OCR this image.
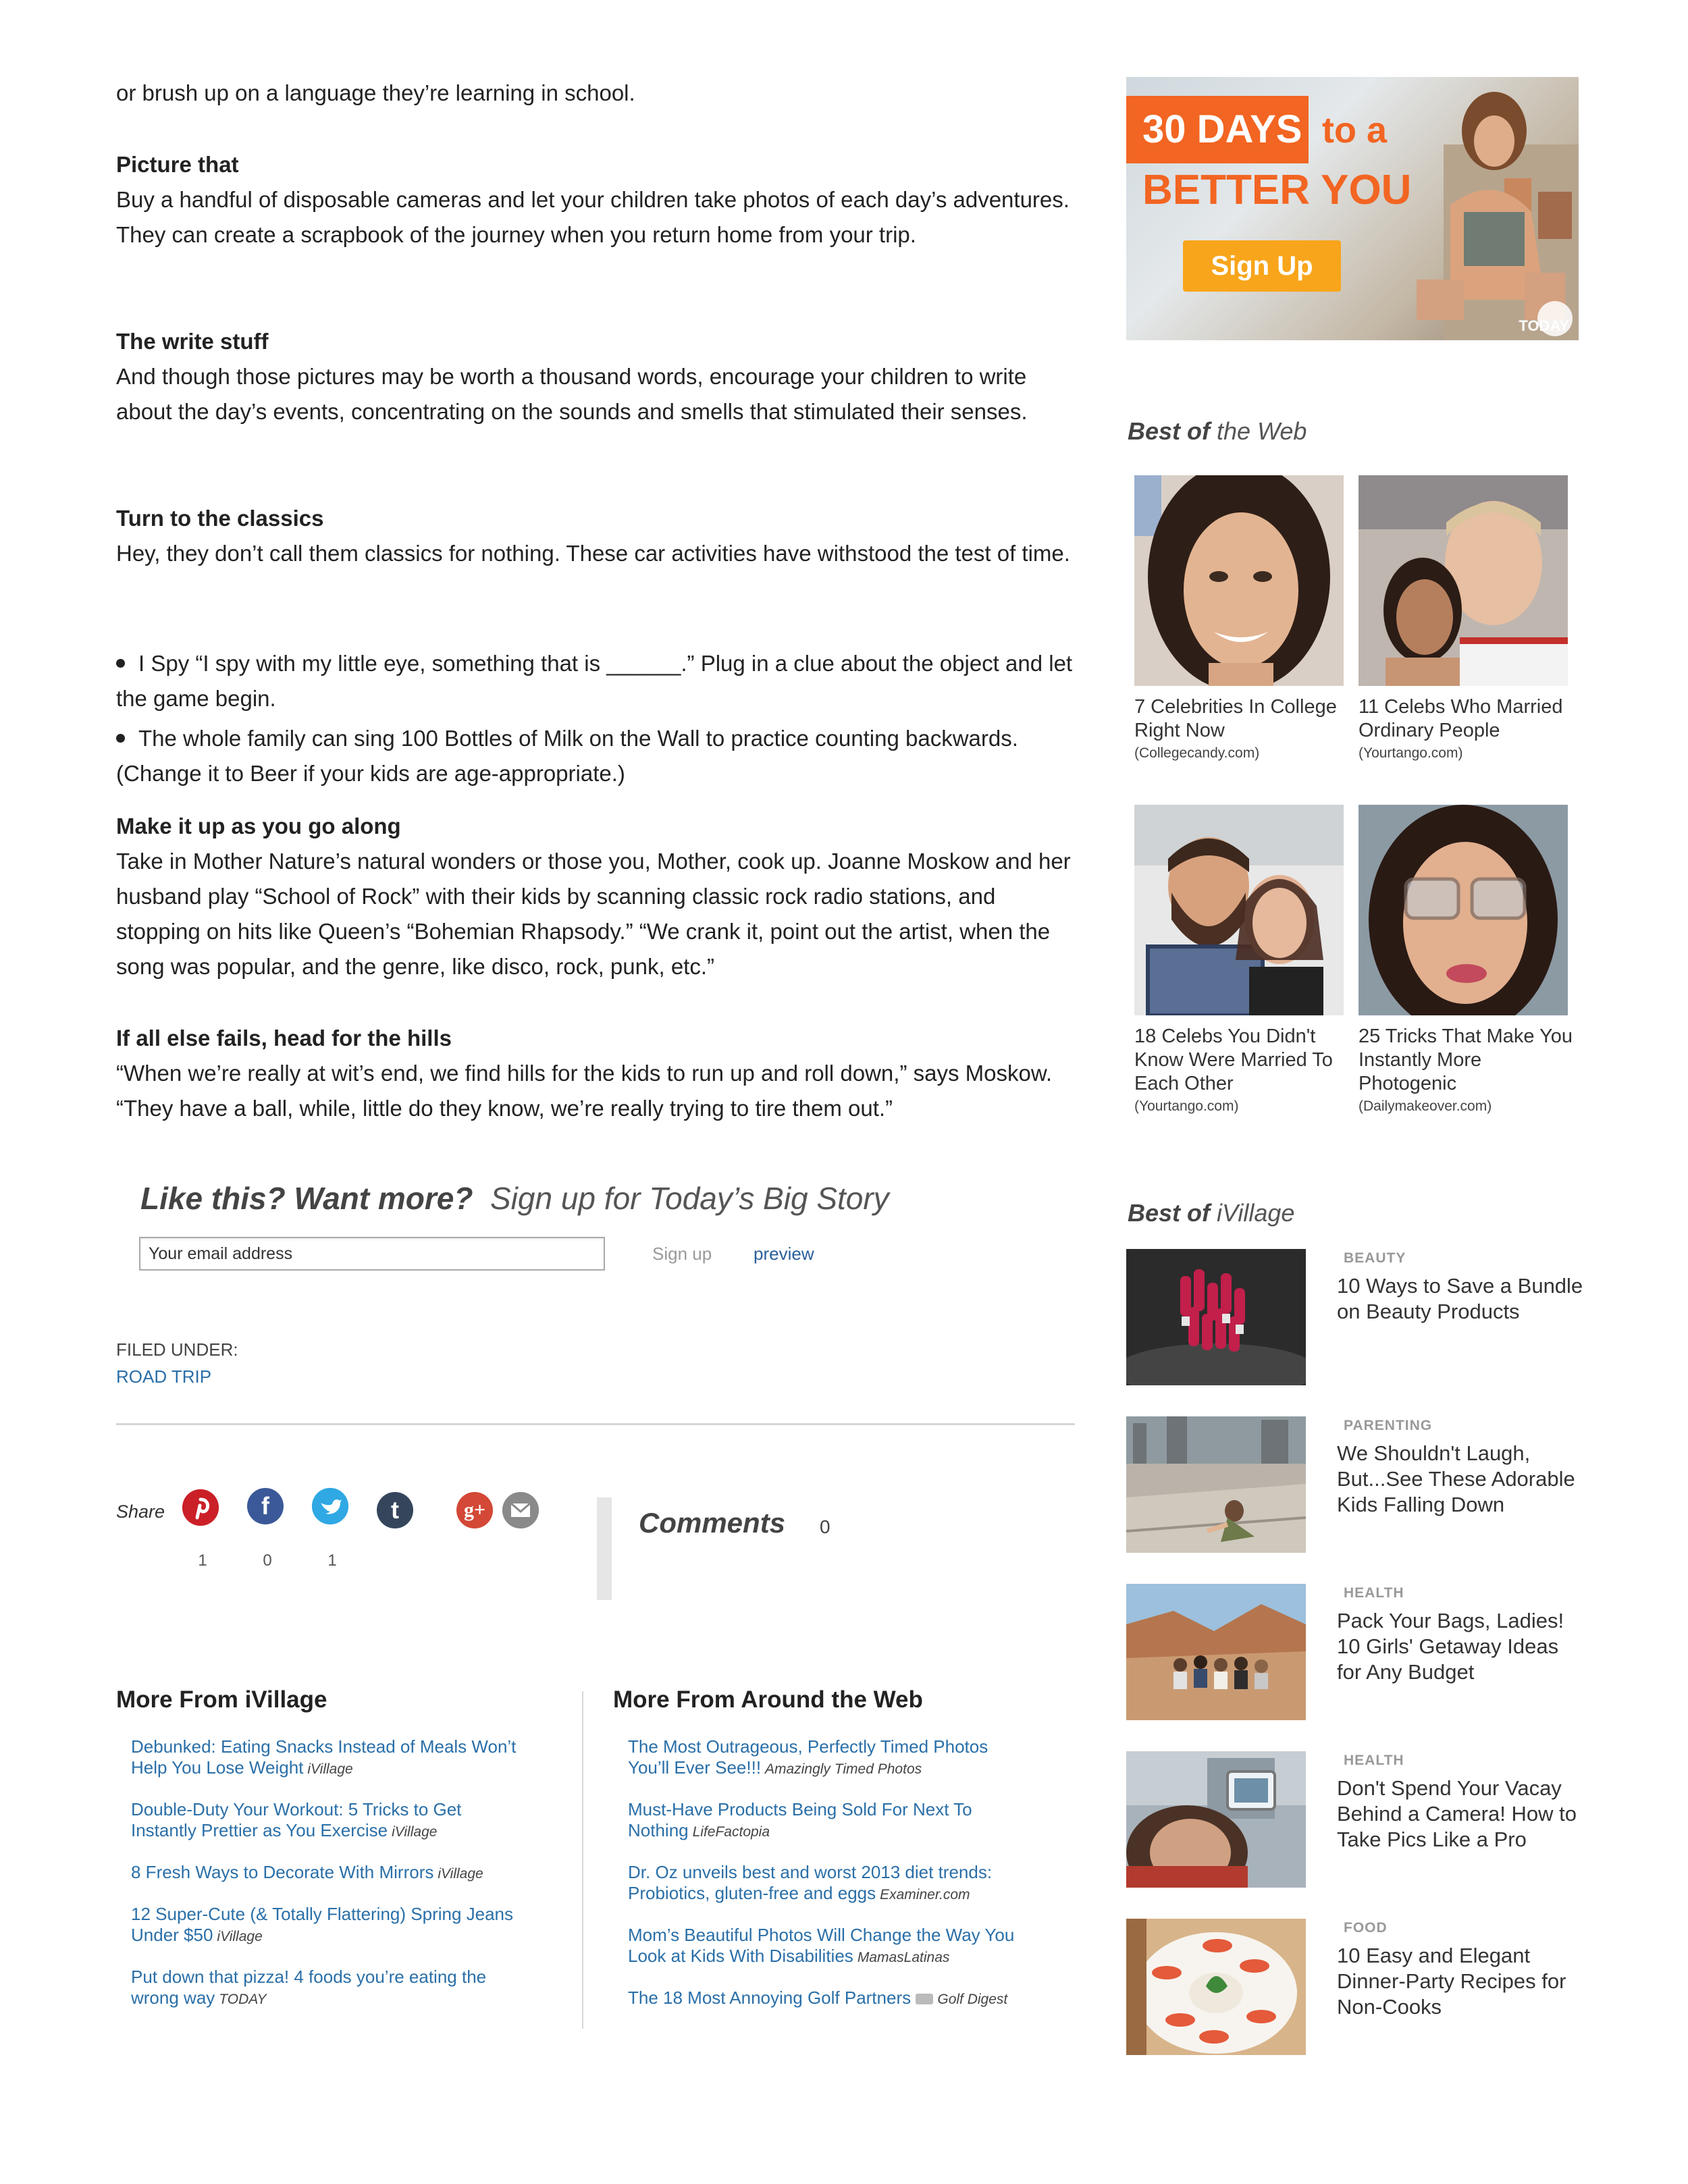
or brush up on a language they’re learning in school.

Picture that

Buy a handful of disposable cameras and let your children take photos of each day’s adventures. They can create a scrapbook of the journey when you return home from your trip.

The write stuff

And though those pictures may be worth a thousand words, encourage your children to write about the day’s events, concentrating on the sounds and smells that stimulated their senses.

Turn to the classics

Hey, they don’t call them classics for nothing. These car activities have withstood the test of time.

I Spy “I spy with my little eye, something that is ______.” Plug in a clue about the object and let the game begin.
The whole family can sing 100 Bottles of Milk on the Wall to practice counting backwards. (Change it to Beer if your kids are age-appropriate.)
Make it up as you go along

Take in Mother Nature’s natural wonders or those you, Mother, cook up. Joanne Moskow and her husband play “School of Rock” with their kids by scanning classic rock radio stations, and stopping on hits like Queen’s “Bohemian Rhapsody.” “We crank it, point out the artist, when the song was popular, and the genre, like disco, rock, punk, etc.”

If all else fails, head for the hills

“When we’re really at wit’s end, we find hills for the kids to run up and roll down,” says Moskow. “They have a ball, while, little do they know, we’re really trying to tire them out.”

Like this? Want more? Sign up for Today’s Big Story
Your email address
Sign up preview
FILED UNDER:
ROAD TRIP
Share	f	t	g+
1	0	1
Comments 0
More From iVillage	More From Around the Web
Debunked: Eating Snacks Instead of Meals Won’t
Help You Lose Weight iVillage
Double-Duty Your Workout: 5 Tricks to Get
Instantly Prettier as You Exercise iVillage
8 Fresh Ways to Decorate With Mirrors iVillage
12 Super-Cute (& Totally Flattering) Spring Jeans
Under $50 iVillage
Put down that pizza! 4 foods you’re eating the
wrong way TODAY
The Most Outrageous, Perfectly Timed Photos
You’ll Ever See!!! Amazingly Timed Photos
Must-Have Products Being Sold For Next To
Nothing LifeFactopia
Dr. Oz unveils best and worst 2013 diet trends:
Probiotics, gluten-free and eggs Examiner.com
Mom’s Beautiful Photos Will Change the Way You
Look at Kids With Disabilities MamasLatinas
The 18 Most Annoying Golf Partners Golf Digest
30 DAYS to a
BETTER YOU
Sign Up
TODAY
Best of the Web
7 Celebrities In College Right Now
(Collegecandy.com)
11 Celebs Who Married Ordinary People
(Yourtango.com)
18 Celebs You Didn't Know Were Married To Each Other
(Yourtango.com)
25 Tricks That Make You Instantly More Photogenic
(Dailymakeover.com)
Best of iVillage
BEAUTY
10 Ways to Save a Bundle on Beauty Products
PARENTING
We Shouldn't Laugh, But...See These Adorable Kids Falling Down
HEALTH
Pack Your Bags, Ladies! 10 Girls' Getaway Ideas for Any Budget
HEALTH
Don't Spend Your Vacay Behind a Camera! How to Take Pics Like a Pro
FOOD
10 Easy and Elegant Dinner-Party Recipes for Non-Cooks
